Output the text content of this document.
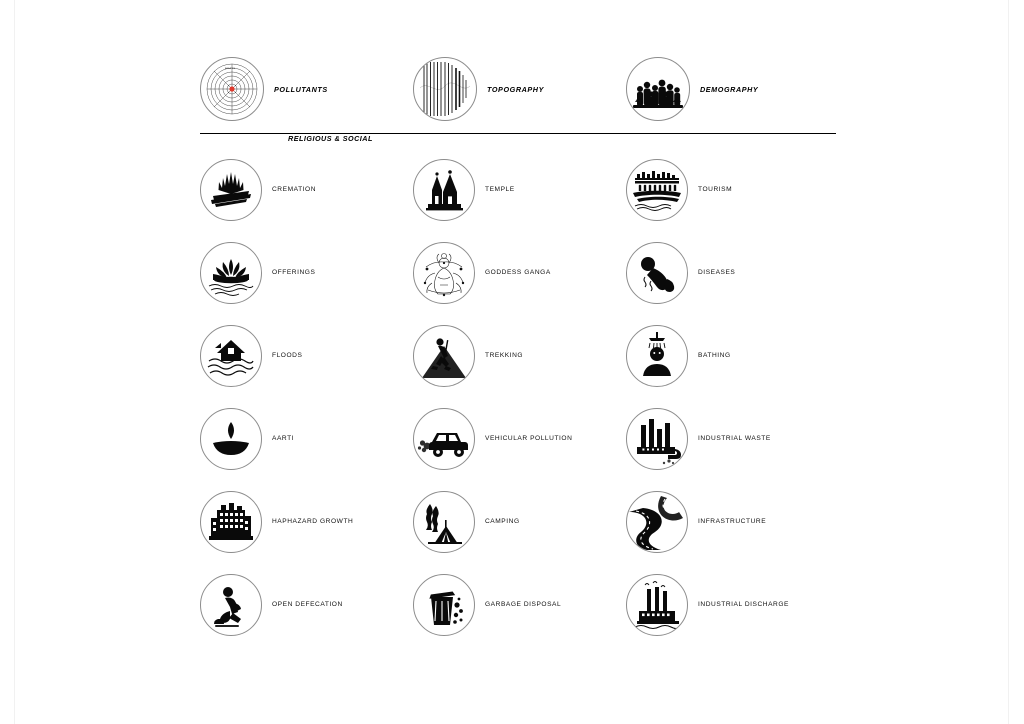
AREA 100
.
POLLUTANTS	TOPOGRAPHY	DEMOGRAPHY
RELIGIOUS & SOCIAL
CREMATION	TEMPLE	TOURISM
OFFERINGS	GODDESS GANGA	DISEASES
FLOODS	TREKKING	BATHING
AARTI	VEHICULAR POLLUTION	INDUSTRIAL WASTE
HAPHAZARD GROWTH	CAMPING	INFRASTRUCTURE
OPEN DEFECATION	GARBAGE DISPOSAL	INDUSTRIAL DISCHARGE
